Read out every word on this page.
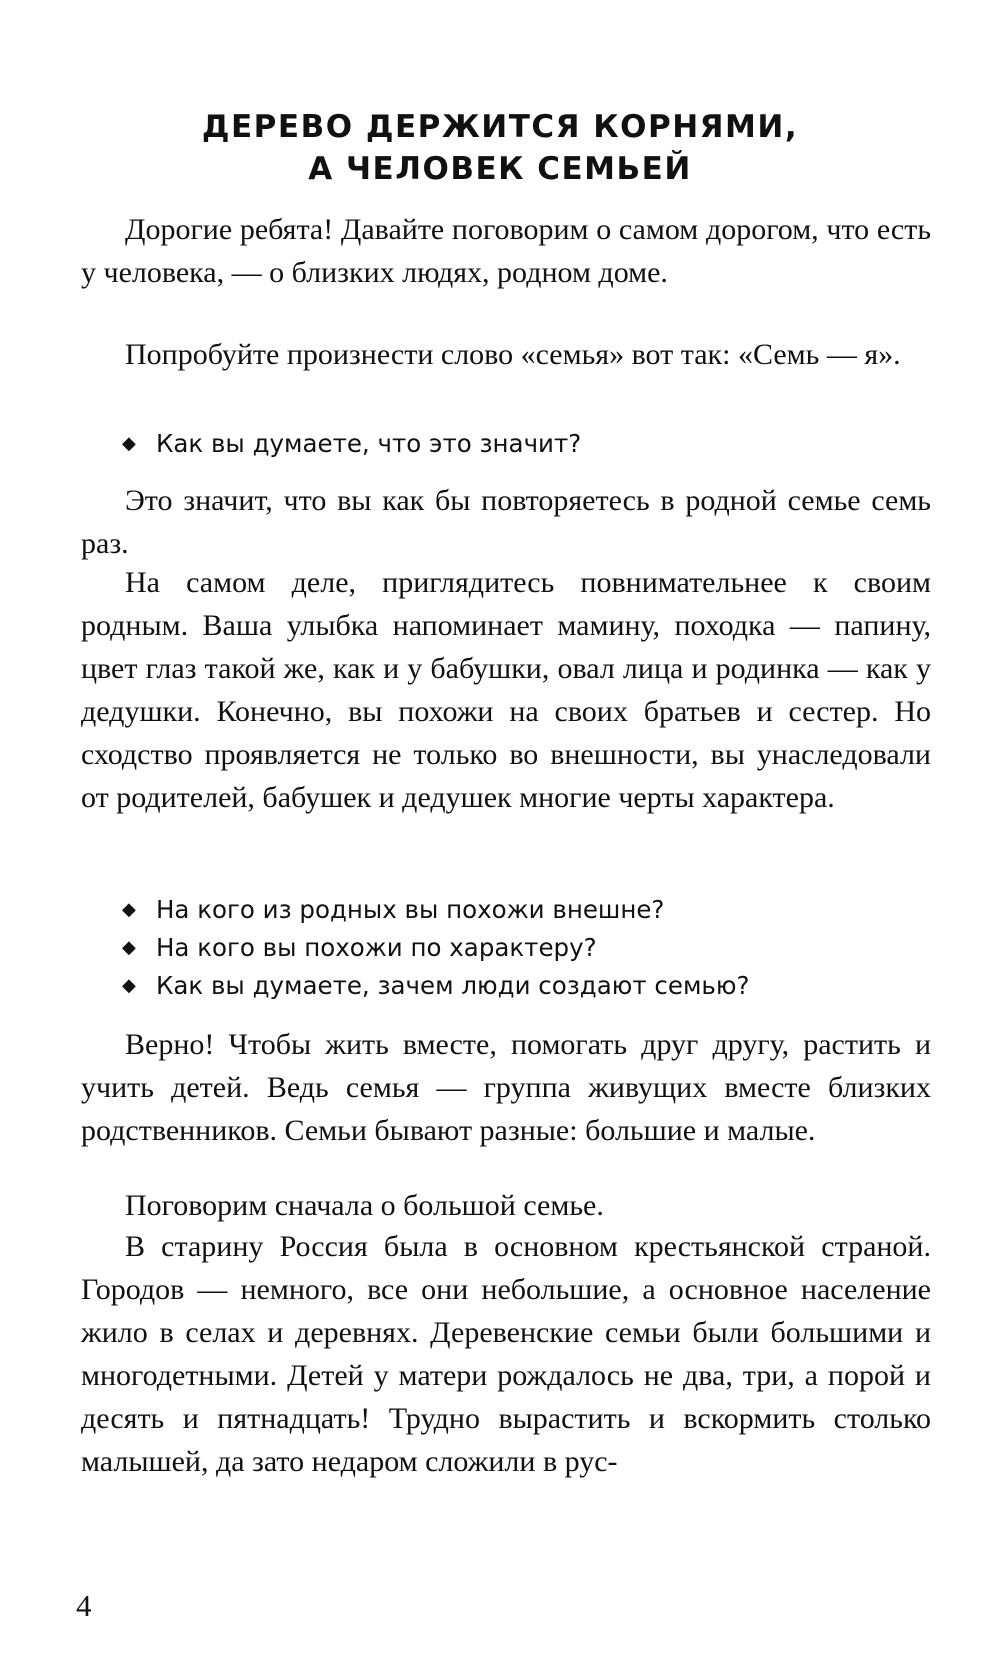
ДЕРЕВО ДЕРЖИТСЯ КОРНЯМИ,
А ЧЕЛОВЕК СЕМЬЕЙ
Дорогие ребята! Давайте поговорим о самом дорогом, что есть у человека, — о близких людях, родном доме.
Попробуйте произнести слово «семья» вот так: «Семь — я».
◆ Как вы думаете, что это значит?
Это значит, что вы как бы повторяетесь в родной семье семь раз.
На самом деле, приглядитесь повнимательнее к своим родным. Ваша улыбка напоминает мамину, походка — папину, цвет глаз такой же, как и у бабушки, овал лица и родинка — как у дедушки. Конечно, вы похожи на своих братьев и сестер. Но сходство проявляется не только во внешности, вы унаследовали от родителей, бабушек и дедушек многие черты характера.
◆ На кого из родных вы похожи внешне?
◆ На кого вы похожи по характеру?
◆ Как вы думаете, зачем люди создают семью?
Верно! Чтобы жить вместе, помогать друг другу, растить и учить детей. Ведь семья — группа живущих вместе близких родственников. Семьи бывают разные: большие и малые.
Поговорим сначала о большой семье.
В старину Россия была в основном крестьянской страной. Городов — немного, все они небольшие, а основное население жило в селах и деревнях. Деревенские семьи были большими и многодетными. Детей у матери рождалось не два, три, а порой и десять и пятнадцать! Трудно вырастить и вскормить столько малышей, да зато недаром сложили в рус-
4
